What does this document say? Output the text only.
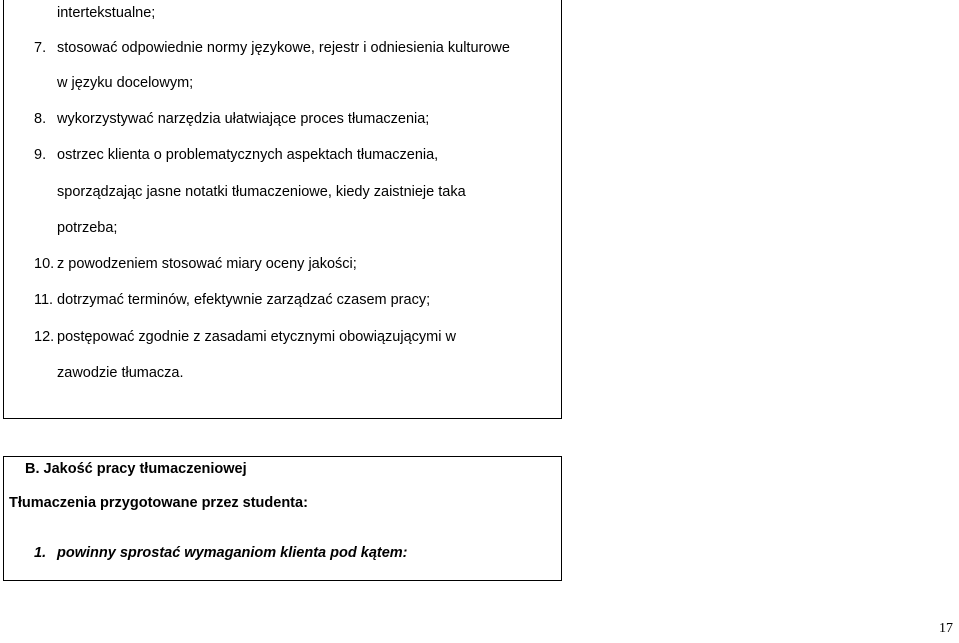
intertekstualne;
7. stosować odpowiednie normy językowe, rejestr i odniesienia kulturowe
w języku docelowym;
8. wykorzystywać narzędzia ułatwiające proces tłumaczenia;
9. ostrzec klienta o problematycznych aspektach tłumaczenia,
sporządzając jasne notatki tłumaczeniowe, kiedy zaistnieje taka
potrzeba;
10. z powodzeniem stosować miary oceny jakości;
11. dotrzymać terminów, efektywnie zarządzać czasem pracy;
12. postępować zgodnie z zasadami etycznymi obowiązującymi w
zawodzie tłumacza.
B. Jakość pracy tłumaczeniowej
Tłumaczenia przygotowane przez studenta:
1. powinny sprostać wymaganiom klienta pod kątem:
17
